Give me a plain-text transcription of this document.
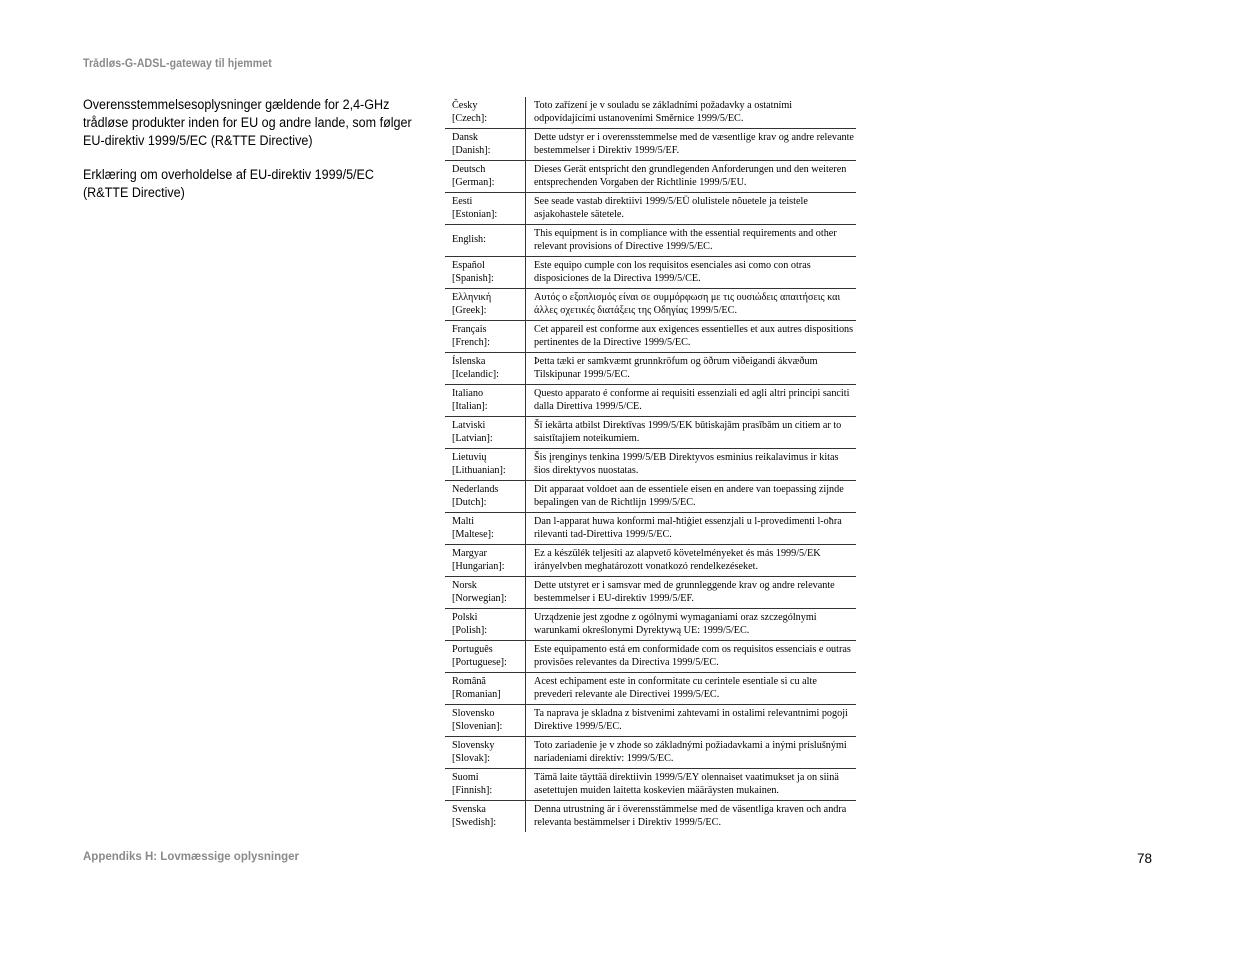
Trådløs-G-ADSL-gateway til hjemmet

Overensstemmelsesoplysninger gældende for 2,4-GHz trådløse produkter inden for EU og andre lande, som følger EU-direktiv 1999/5/EC (R&TTE Directive)

Erklæring om overholdelse af EU-direktiv 1999/5/EC (R&TTE Directive)

Česky
[Czech]:	Toto zařízení je v souladu se základními požadavky a ostatními odpovídajícími ustanoveními Směrnice 1999/5/EC.

Dansk
[Danish]:	Dette udstyr er i overensstemmelse med de væsentlige krav og andre relevante bestemmelser i Direktiv 1999/5/EF.

Deutsch
[German]:	Dieses Gerät entspricht den grundlegenden Anforderungen und den weiteren entsprechenden Vorgaben der Richtlinie 1999/5/EU.

Eesti
[Estonian]:	See seade vastab direktiivi 1999/5/EÜ olulistele nõuetele ja teistele asjakohastele sätetele.

English:	This equipment is in compliance with the essential requirements and other relevant provisions of Directive 1999/5/EC.

Español
[Spanish]:	Este equipo cumple con los requisitos esenciales asi como con otras disposiciones de la Directiva 1999/5/CE.

Ελληνική
[Greek]:	Αυτός ο εξοπλισμός είναι σε συμμόρφωση με τις ουσιώδεις απαιτήσεις και άλλες σχετικές διατάξεις της Οδηγίας 1999/5/EC.

Français
[French]:	Cet appareil est conforme aux exigences essentielles et aux autres dispositions pertinentes de la Directive 1999/5/EC.

Íslenska
[Icelandic]:	Þetta tæki er samkvæmt grunnkröfum og öðrum viðeigandi ákvæðum Tilskipunar 1999/5/EC.

Italiano
[Italian]:	Questo apparato é conforme ai requisiti essenziali ed agli altri principi sanciti dalla Direttiva 1999/5/CE.

Latviski
[Latvian]:	Šī iekārta atbilst Direktīvas 1999/5/EK būtiskajām prasībām un citiem ar to saistītajiem noteikumiem.

Lietuvių
[Lithuanian]:	Šis įrenginys tenkina 1999/5/EB Direktyvos esminius reikalavimus ir kitas šios direktyvos nuostatas.

Nederlands
[Dutch]:	Dit apparaat voldoet aan de essentiele eisen en andere van toepassing zijnde bepalingen van de Richtlijn 1999/5/EC.

Malti
[Maltese]:	Dan l-apparat huwa konformi mal-ħtiġiet essenzjali u l-provedimenti l-oħra rilevanti tad-Direttiva 1999/5/EC.

Margyar
[Hungarian]:	Ez a készülék teljesíti az alapvető követelményeket és más 1999/5/EK irányelvben meghatározott vonatkozó rendelkezéseket.

Norsk
[Norwegian]:	Dette utstyret er i samsvar med de grunnleggende krav og andre relevante bestemmelser i EU-direktiv 1999/5/EF.

Polski
[Polish]:	Urządzenie jest zgodne z ogólnymi wymaganiami oraz szczególnymi warunkami określonymi Dyrektywą UE: 1999/5/EC.

Português
[Portuguese]:	Este equipamento está em conformidade com os requisitos essenciais e outras provisões relevantes da Directiva 1999/5/EC.

Română
[Romanian]	Acest echipament este in conformitate cu cerintele esentiale si cu alte prevederi relevante ale Directivei 1999/5/EC.

Slovensko
[Slovenian]:	Ta naprava je skladna z bistvenimi zahtevami in ostalimi relevantnimi pogoji Direktive 1999/5/EC.

Slovensky
[Slovak]:	Toto zariadenie je v zhode so základnými požiadavkami a inými príslušnými nariadeniami direktív: 1999/5/EC.

Suomi
[Finnish]:	Tämä laite täyttää direktiivin 1999/5/EY olennaiset vaatimukset ja on siinä asetettujen muiden laitetta koskevien määräysten mukainen.

Svenska
[Swedish]:	Denna utrustning är i överensstämmelse med de väsentliga kraven och andra relevanta bestämmelser i Direktiv 1999/5/EC.
Appendiks H: Lovmæssige oplysninger	78
